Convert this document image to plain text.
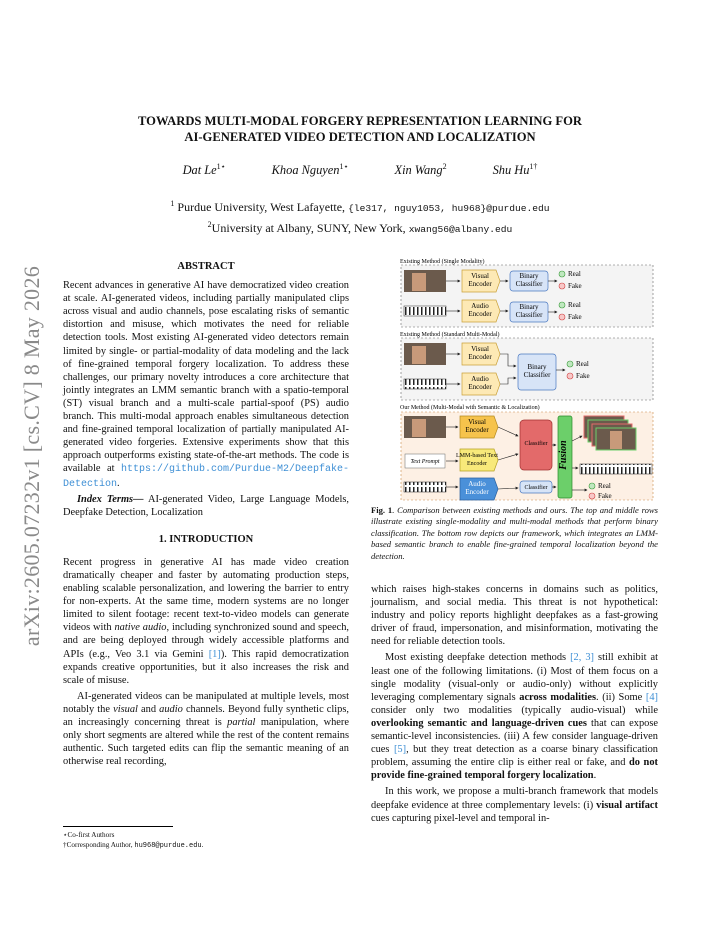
arXiv:2605.07232v1 [cs.CV] 8 May 2026
TOWARDS MULTI-MODAL FORGERY REPRESENTATION LEARNING FOR
AI-GENERATED VIDEO DETECTION AND LOCALIZATION
Dat $Le^{1⋆}$	Khoa Nguyen$^{1⋆}$	Xin Wang$^2$	Shu $Hu^{1\dagger}$
$^1$ Purdue University, West Lafayette, {le317, nguy1053, hu968}@purdue.edu
$^2$University at Albany, SUNY, New York, xwang56@albany.edu
ABSTRACT

Recent advances in generative AI have democratized video creation at scale. AI-generated videos, including partially manipulated clips across visual and audio channels, pose escalating risks of semantic distortion and misuse, which motivates the need for reliable detection tools. Most existing AI-generated video detectors remain limited by single- or partial-modality of data modeling and the lack of fine-grained temporal forgery localization. To address these challenges, our primary novelty introduces a core architecture that jointly integrates an LMM semantic branch with a spatio-temporal (ST) visual branch and a multi-scale partial-spoof (PS) audio branch. This multi-modal approach enables simultaneous detection and fine-grained temporal localization of partially manipulated AI-generated video forgeries. Extensive experiments show that this approach outperforms existing state-of-the-art methods. The code is available at https://github.com/Purdue-M2/Deepfake-Detection.

Index Terms— AI-generated Video, Large Language Models, Deepfake Detection, Localization

1. INTRODUCTION

Recent progress in generative AI has made video creation dramatically cheaper and faster by automating production steps, enabling scalable personalization, and lowering the barrier to entry for non-experts. At the same time, modern systems are no longer limited to silent footage: recent text-to-video models can generate videos with native audio, including synchronized sound and speech, and are being deployed through widely accessible platforms and APIs (e.g., Veo 3.1 via Gemini [1]). This rapid democratization expands creative opportunities, but it also increases the risk and scale of misuse.

AI-generated videos can be manipulated at multiple levels, most notably the visual and audio channels. Beyond fully synthetic clips, an increasingly concerning threat is partial manipulation, where only short segments are altered while the rest of the content remains authentic. Such targeted edits can flip the semantic meaning of an otherwise real recording,

⋆Co-first Authors
†Corresponding Author, hu968@purdue.edu.
Existing Method (Single Modality)
Visual Encoder
Audio Encoder
Binary Classifier
Binary Classifier
Real
Fake
Real
Fake
Existing Method (Standard Multi-Modal)
Visual Encoder
Audio Encoder
Binary Classifier
Real
Fake
Our Method (Multi-Modal with Semantic & Localization)
Text Prompt
Visual Encoder
LMM-based Text Encoder
Audio Encoder
Classifier
Classifier
Fusion
Real
Fake
Fig. 1. Comparison between existing methods and ours. The top and middle rows illustrate existing single-modality and multi-modal methods that perform binary classification. The bottom row depicts our framework, which integrates an LMM-based semantic branch to enable fine-grained temporal localization beyond the detection.

which raises high-stakes concerns in domains such as politics, journalism, and social media. This threat is not hypothetical: industry and policy reports highlight deepfakes as a fast-growing driver of fraud, impersonation, and misinformation, motivating the need for reliable detection tools.

Most existing deepfake detection methods [2, 3] still exhibit at least one of the following limitations. (i) Most of them focus on a single modality (visual-only or audio-only) without explicitly leveraging complementary signals across modalities. (ii) Some [4] consider only two modalities (typically audio-visual) while overlooking semantic and language-driven cues that can expose semantic-level inconsistencies. (iii) A few consider language-driven cues [5], but they treat detection as a coarse binary classification problem, assuming the entire clip is either real or fake, and do not provide fine-grained temporal forgery localization.

In this work, we propose a multi-branch framework that models deepfake evidence at three complementary levels: (i) visual artifact cues capturing pixel-level and temporal in-
